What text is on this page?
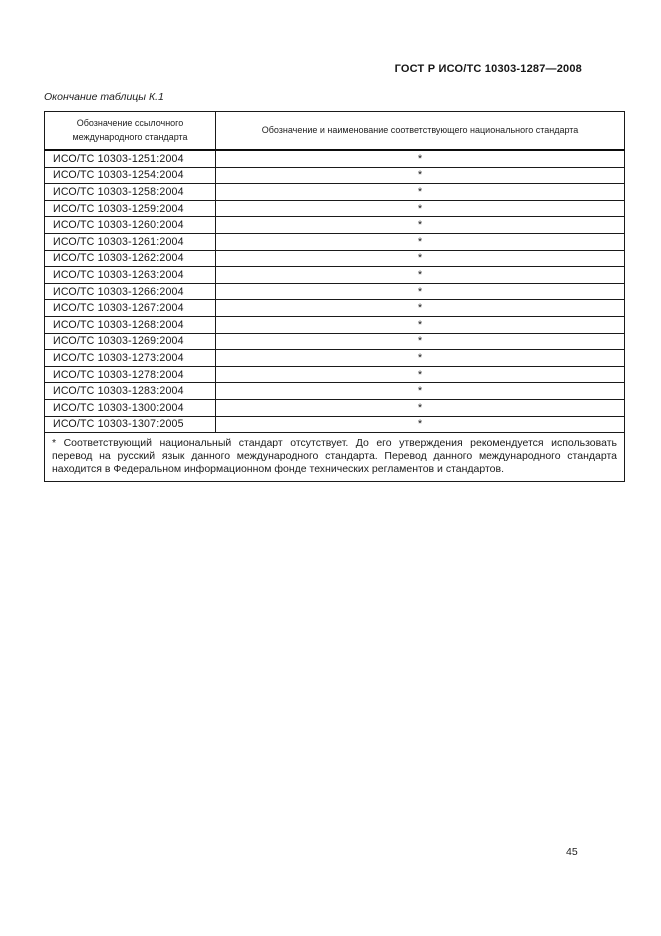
ГОСТ Р ИСО/ТС 10303-1287—2008
Окончание таблицы К.1
Обозначение ссылочного международного стандарта	Обозначение и наименование соответствующего национального стандарта
ИСО/ТС 10303-1251:2004	*
ИСО/ТС 10303-1254:2004	*
ИСО/ТС 10303-1258:2004	*
ИСО/ТС 10303-1259:2004	*
ИСО/ТС 10303-1260:2004	*
ИСО/ТС 10303-1261:2004	*
ИСО/ТС 10303-1262:2004	*
ИСО/ТС 10303-1263:2004	*
ИСО/ТС 10303-1266:2004	*
ИСО/ТС 10303-1267:2004	*
ИСО/ТС 10303-1268:2004	*
ИСО/ТС 10303-1269:2004	*
ИСО/ТС 10303-1273:2004	*
ИСО/ТС 10303-1278:2004	*
ИСО/ТС 10303-1283:2004	*
ИСО/ТС 10303-1300:2004	*
ИСО/ТС 10303-1307:2005	*
* Соответствующий национальный стандарт отсутствует. До его утверждения рекомендуется использовать перевод на русский язык данного международного стандарта. Перевод данного международного стандарта находится в Федеральном информационном фонде технических регламентов и стандартов.	
45
